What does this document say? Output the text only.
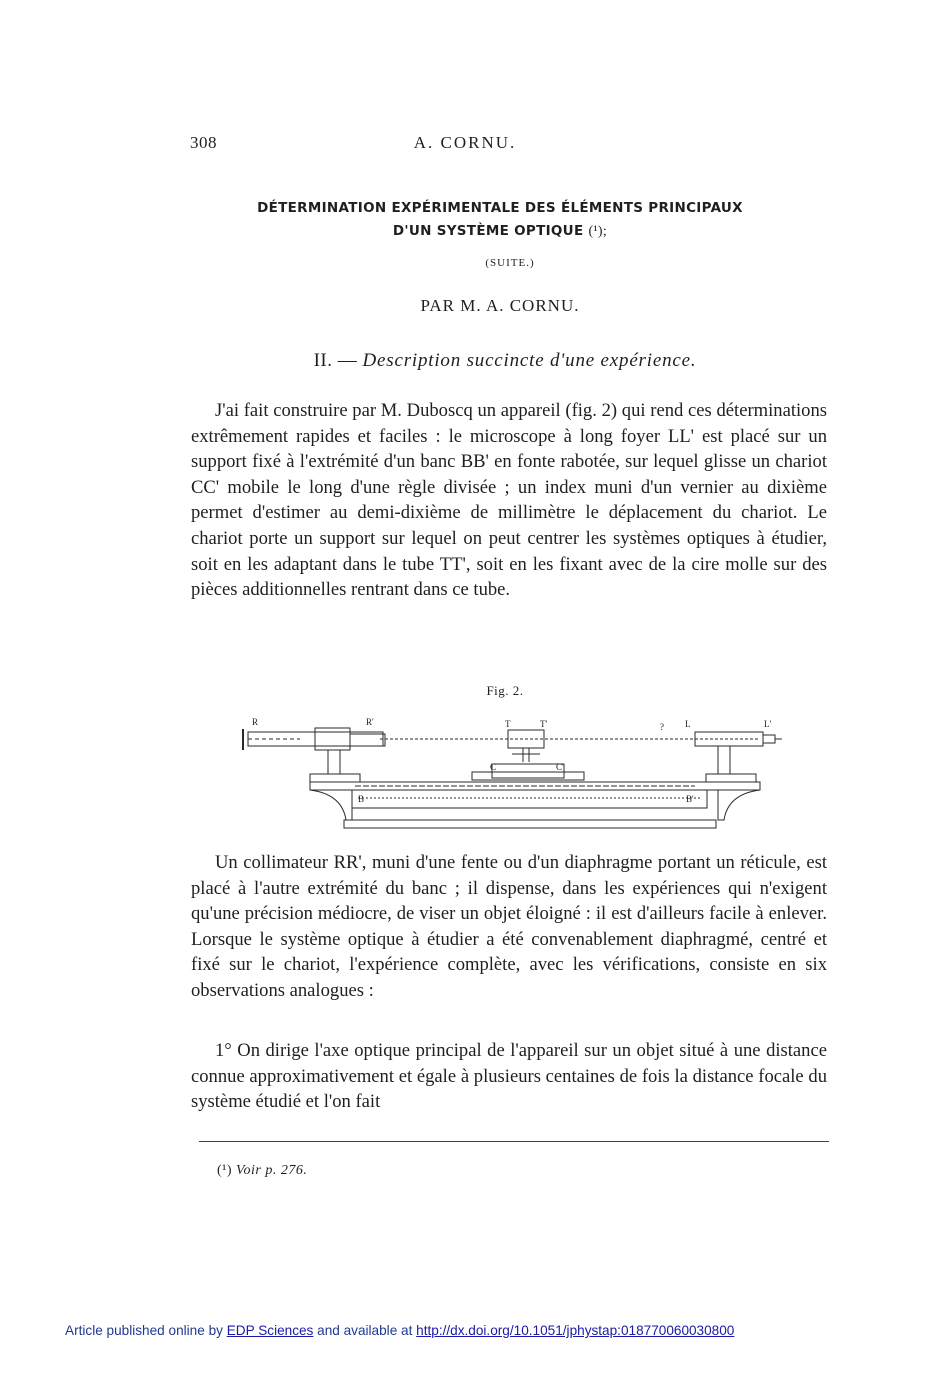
308	A. CORNU.
DÉTERMINATION EXPÉRIMENTALE DES ÉLÉMENTS PRINCIPAUX
D'UN SYSTÈME OPTIQUE (¹);
(SUITE.)
PAR M. A. CORNU.
II. — Description succincte d'une expérience.

J'ai fait construire par M. Duboscq un appareil (fig. 2) qui rend ces déterminations extrêmement rapides et faciles : le microscope à long foyer LL' est placé sur un support fixé à l'extrémité d'un banc BB' en fonte rabotée, sur lequel glisse un chariot CC' mobile le long d'une règle divisée ; un index muni d'un vernier au dixième permet d'estimer au demi-dixième de millimètre le déplacement du chariot. Le chariot porte un support sur lequel on peut centrer les systèmes optiques à étudier, soit en les adaptant dans le tube TT', soit en les fixant avec de la cire molle sur des pièces additionnelles rentrant dans ce tube.

Fig. 2.
R	R'	T	T'	? L	L'
C	C'
B	B'

Un collimateur RR', muni d'une fente ou d'un diaphragme portant un réticule, est placé à l'autre extrémité du banc ; il dispense, dans les expériences qui n'exigent qu'une précision médiocre, de viser un objet éloigné : il est d'ailleurs facile à enlever. Lorsque le système optique à étudier a été convenablement diaphragmé, centré et fixé sur le chariot, l'expérience complète, avec les vérifications, consiste en six observations analogues :

1° On dirige l'axe optique principal de l'appareil sur un objet situé à une distance connue approximativement et égale à plusieurs centaines de fois la distance focale du système étudié et l'on fait

(¹) Voir p. 276.
Article published online by EDP Sciences and available at http://dx.doi.org/10.1051/jphystap:018770060030800
